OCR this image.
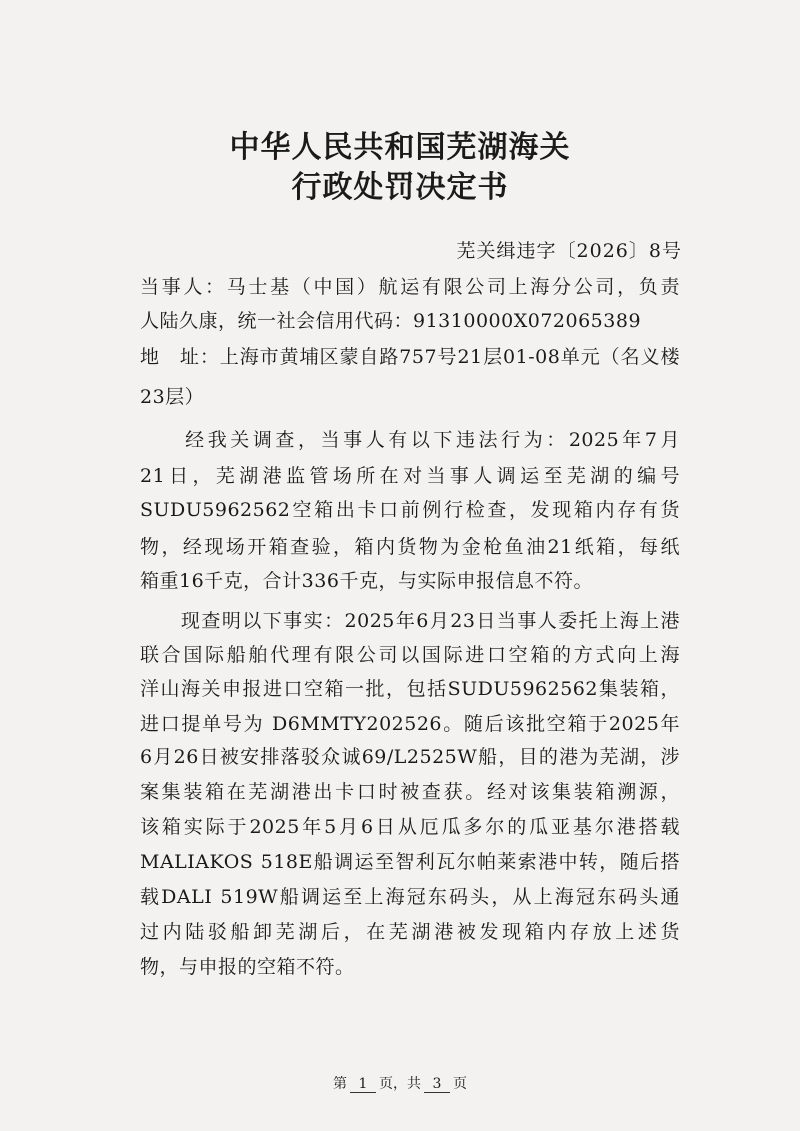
中华人民共和国芜湖海关
行政处罚决定书
芜关缉违字〔2026〕8号
当事人：马士基（中国）航运有限公司上海分公司，负责
人陆久康，统一社会信用代码：91310000X072065389
地　址：上海市黄埔区蒙自路757号21层01-08单元（名义楼
23层）
　　经我关调查，当事人有以下违法行为：2025年7月
21日，芜湖港监管场所在对当事人调运至芜湖的编号
SUDU5962562空箱出卡口前例行检查，发现箱内存有货
物，经现场开箱查验，箱内货物为金枪鱼油21纸箱，每纸
箱重16千克，合计336千克，与实际申报信息不符。
　　现查明以下事实：2025年6月23日当事人委托上海上港
联合国际船舶代理有限公司以国际进口空箱的方式向上海
洋山海关申报进口空箱一批，包括SUDU5962562集装箱，
进口提单号为 D6MMTY202526。随后该批空箱于2025年
6月26日被安排落驳众诚69/L2525W船，目的港为芜湖，涉
案集装箱在芜湖港出卡口时被查获。经对该集装箱溯源，
该箱实际于2025年5月6日从厄瓜多尔的瓜亚基尔港搭载
MALIAKOS 518E船调运至智利瓦尔帕莱索港中转，随后搭
载DALI 519W船调运至上海冠东码头，从上海冠东码头通
过内陆驳船卸芜湖后，在芜湖港被发现箱内存放上述货
物，与申报的空箱不符。
第 1 页，共 3 页
